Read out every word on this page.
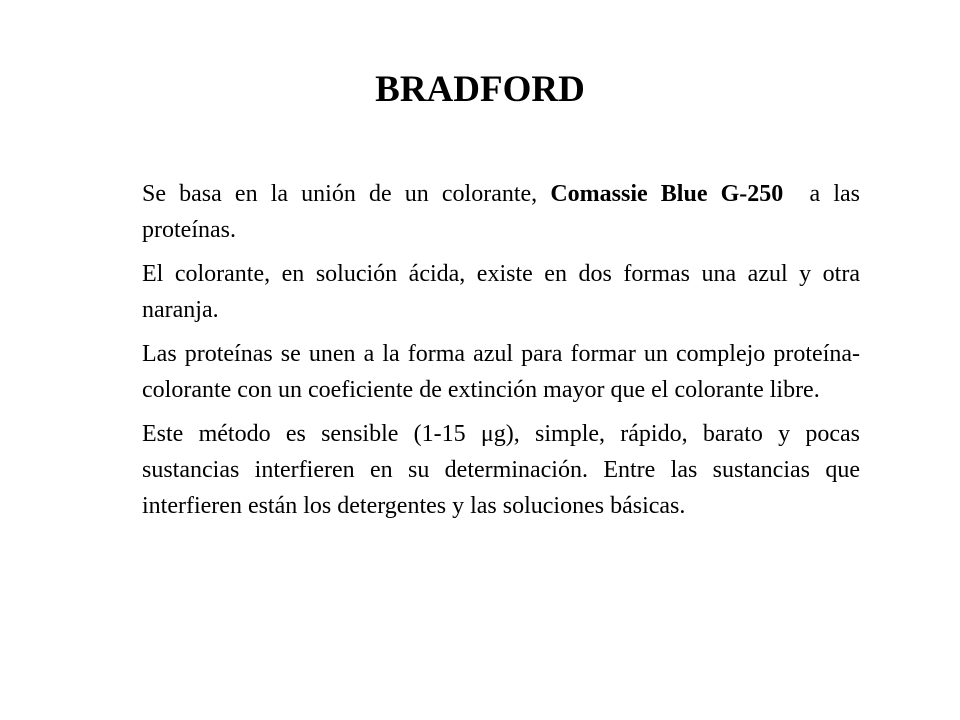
BRADFORD

Se basa en la unión de un colorante, Comassie Blue G-250  a las proteínas.

El colorante, en solución ácida, existe en dos formas una azul y otra naranja.

Las proteínas se unen a la forma azul para formar un complejo proteína-colorante con un coeficiente de extinción mayor que el colorante libre.

Este método es sensible (1-15 μg), simple, rápido, barato y pocas sustancias interfieren en su determinación. Entre las sustancias que interfieren están los detergentes y las soluciones básicas.
